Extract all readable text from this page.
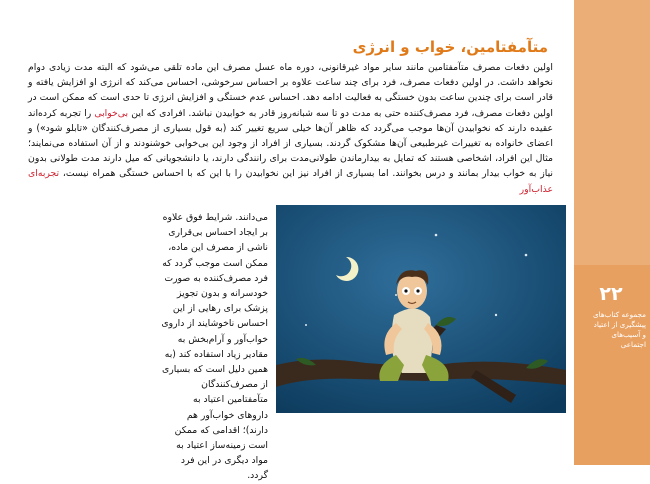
۲۲
مجموعه کتاب‌های پیشگیری از اعتیاد و آسیب‌های اجتماعی
متآمفتامین، خواب و انرژی

اولین دفعات مصرف متآمفتامین مانند سایر مواد غیرقانونی، دوره ماه عسل مصرف این ماده تلقی می‌شود که البته مدت زیادی دوام نخواهد داشت. در اولین دفعات مصرف، فرد برای چند ساعت علاوه بر احساس سرخوشی، احساس می‌کند که انرژی او افزایش یافته و قادر است برای چندین ساعت بدون خستگی به فعالیت ادامه دهد. احساس عدم خستگی و افزایش انرژی تا حدی است که ممکن است در اولین دفعات مصرف، فرد مصرف‌کننده حتی به مدت دو تا سه شبانه‌روز قادر به خوابیدن نباشد. افرادی که این بی‌خوابی را تجربه کرده‌اند عقیده دارند که نخوابیدن آن‌ها موجب می‌گردد که ظاهر آن‌ها خیلی سریع تغییر کند (به قول بسیاری از مصرف‌کنندگان «تابلو شود») و اعضای خانواده به تغییرات غیرطبیعی آن‌ها مشکوک گردند. بسیاری از افراد از وجود این بی‌خوابی خوشنودند و از آن استفاده می‌نمایند؛ مثال این افراد، اشخاصی هستند که تمایل به بیدارماندن طولانی‌مدت برای رانندگی دارند، یا دانشجویانی که میل دارند مدت طولانی بدون نیاز به خواب بیدار بمانند و درس بخوانند. اما بسیاری از افراد نیز این نخوابیدن را با این که با احساس خستگی همراه نیست، تجربه‌ای عذاب‌آور

می‌دانند. شرایط فوق علاوه بر ایجاد احساس بی‌قراری ناشی از مصرف این ماده، ممکن است موجب گردد که فرد مصرف‌کننده به صورت خودسرانه و بدون تجویز پزشک برای رهایی از این احساس ناخوشایند از داروی خواب‌آور و آرام‌بخش به مقادیر زیاد استفاده کند (به همین دلیل است که بسیاری از مصرف‌کنندگان متآمفتامین اعتیاد به داروهای خواب‌آور هم دارند)؛ اقدامی که ممکن است زمینه‌ساز اعتیاد به مواد دیگری در این فرد گردد.
